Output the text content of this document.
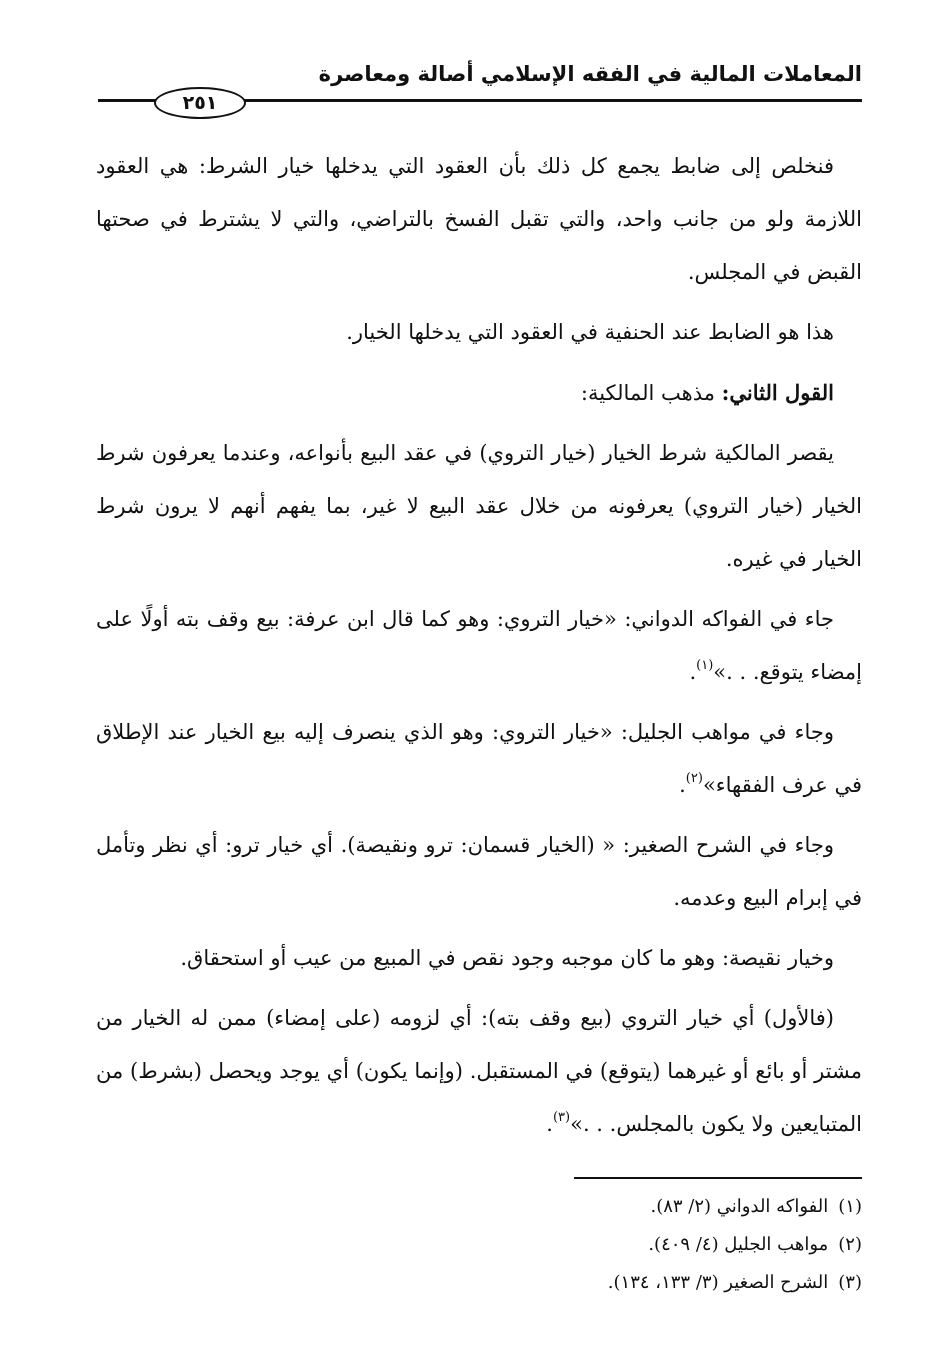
المعاملات المالية في الفقه الإسلامي أصالة ومعاصرة
٢٥١

فنخلص إلى ضابط يجمع كل ذلك بأن العقود التي يدخلها خيار الشرط: هي العقود اللازمة ولو من جانب واحد، والتي تقبل الفسخ بالتراضي، والتي لا يشترط في صحتها القبض في المجلس.

هذا هو الضابط عند الحنفية في العقود التي يدخلها الخيار.

القول الثاني: مذهب المالكية:

يقصر المالكية شرط الخيار (خيار التروي) في عقد البيع بأنواعه، وعندما يعرفون شرط الخيار (خيار التروي) يعرفونه من خلال عقد البيع لا غير، بما يفهم أنهم لا يرون شرط الخيار في غيره.

جاء في الفواكه الدواني: «خيار التروي: وهو كما قال ابن عرفة: بيع وقف بته أولًا على إمضاء يتوقع. . .»$^{(١)}$.

وجاء في مواهب الجليل: «خيار التروي: وهو الذي ينصرف إليه بيع الخيار عند الإطلاق في عرف الفقهاء»$^{(٢)}$.

وجاء في الشرح الصغير: « (الخيار قسمان: ترو ونقيصة). أي خيار ترو: أي نظر وتأمل في إبرام البيع وعدمه.

وخيار نقيصة: وهو ما كان موجبه وجود نقص في المبيع من عيب أو استحقاق.

(فالأول) أي خيار التروي (بيع وقف بته): أي لزومه (على إمضاء) ممن له الخيار من مشتر أو بائع أو غيرهما (يتوقع) في المستقبل. (وإنما يكون) أي يوجد ويحصل (بشرط) من المتبايعين ولا يكون بالمجلس. . .»$^{(٣)}$.

(١)الفواكه الدواني (٢/ ٨٣).

(٢)مواهب الجليل (٤/ ٤٠٩).

(٣)الشرح الصغير (٣/ ١٣٣، ١٣٤).
